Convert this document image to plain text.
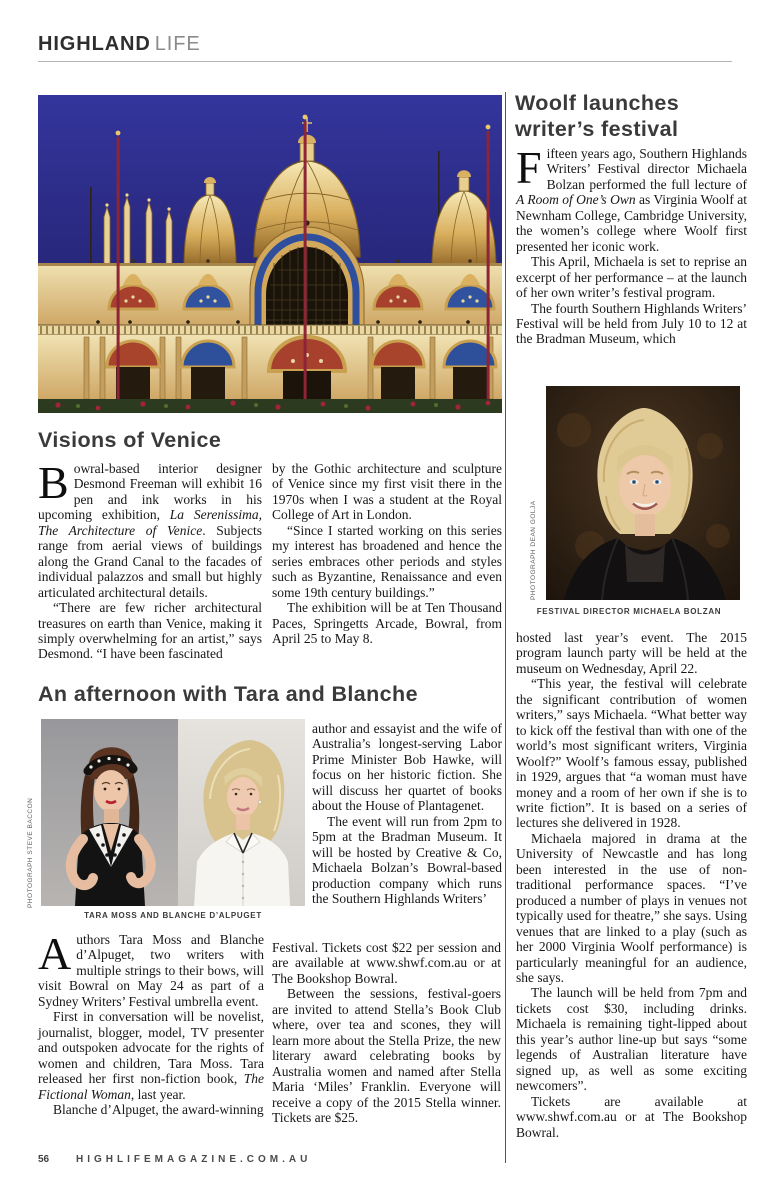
HIGHLAND LIFE
Visions of Venice

Bowral-based interior designer Desmond Freeman will exhibit 16 pen and ink works in his upcoming exhibition, La Serenissima, The Architecture of Venice. Subjects range from aerial views of buildings along the Grand Canal to the facades of individual palazzos and small but highly articulated architectural details.

“There are few richer architectural treasures on earth than Venice, making it simply overwhelming for an artist,” says Desmond. “I have been fascinated

by the Gothic architecture and sculpture of Venice since my first visit there in the 1970s when I was a student at the Royal College of Art in London.

“Since I started working on this series my interest has broadened and hence the series embraces other periods and styles such as Byzantine, Renaissance and even some 19th century buildings.”

The exhibition will be at Ten Thousand Paces, Springetts Arcade, Bowral, from April 25 to May 8.

An afternoon with Tara and Blanche
PHOTOGRAPH STEVE BACCON
TARA MOSS AND BLANCHE D’ALPUGET

author and essayist and the wife of Australia’s longest-serving Labor Prime Minister Bob Hawke, will focus on her historic fiction. She will discuss her quartet of books about the House of Plantagenet.

The event will run from 2pm to 5pm at the Bradman Museum. It will be hosted by Creative & Co, Michaela Bolzan’s Bowral-based production company which runs the Southern Highlands Writers’

Festival. Tickets cost $22 per session and are available at www.shwf.com.au or at The Bookshop Bowral.

Between the sessions, festival-goers are invited to attend Stella’s Book Club where, over tea and scones, they will learn more about the Stella Prize, the new literary award celebrating books by Australia women and named after Stella Maria ‘Miles’ Franklin. Everyone will receive a copy of the 2015 Stella winner. Tickets are $25.

Authors Tara Moss and Blanche d’Alpuget, two writers with multiple strings to their bows, will visit Bowral on May 24 as part of a Sydney Writers’ Festival umbrella event.

First in conversation will be novelist, journalist, blogger, model, TV presenter and outspoken advocate for the rights of women and children, Tara Moss. Tara released her first non-fiction book, The Fictional Woman, last year.

Blanche d’Alpuget, the award-winning

Woolf launches
writer’s festival

Fifteen years ago, Southern Highlands Writers’ Festival director Michaela Bolzan performed the full lecture of A Room of One’s Own as Virginia Woolf at Newnham College, Cambridge University, the women’s college where Woolf first presented her iconic work.

This April, Michaela is set to reprise an excerpt of her performance – at the launch of her own writer’s festival program.

The fourth Southern Highlands Writers’ Festival will be held from July 10 to 12 at the Bradman Museum, which

PHOTOGRAPH DEAN GOLJA
FESTIVAL DIRECTOR MICHAELA BOLZAN

hosted last year’s event. The 2015 program launch party will be held at the museum on Wednesday, April 22.

“This year, the festival will celebrate the significant contribution of women writers,” says Michaela. “What better way to kick off the festival than with one of the world’s most significant writers, Virginia Woolf?” Woolf’s famous essay, published in 1929, argues that “a woman must have money and a room of her own if she is to write fiction”. It is based on a series of lectures she delivered in 1928.

Michaela majored in drama at the University of Newcastle and has long been interested in the use of non-traditional performance spaces. “I’ve produced a number of plays in venues not typically used for theatre,” she says. Using venues that are linked to a play (such as her 2000 Virginia Woolf performance) is particularly meaningful for an audience, she says.

The launch will be held from 7pm and tickets cost $30, including drinks. Michaela is remaining tight-lipped about this year’s author line-up but says “some legends of Australian literature have signed up, as well as some exciting newcomers”.

Tickets are available at www.shwf.com.au or at The Bookshop Bowral.

56	HIGHLIFEMAGAZINE.COM.AU
